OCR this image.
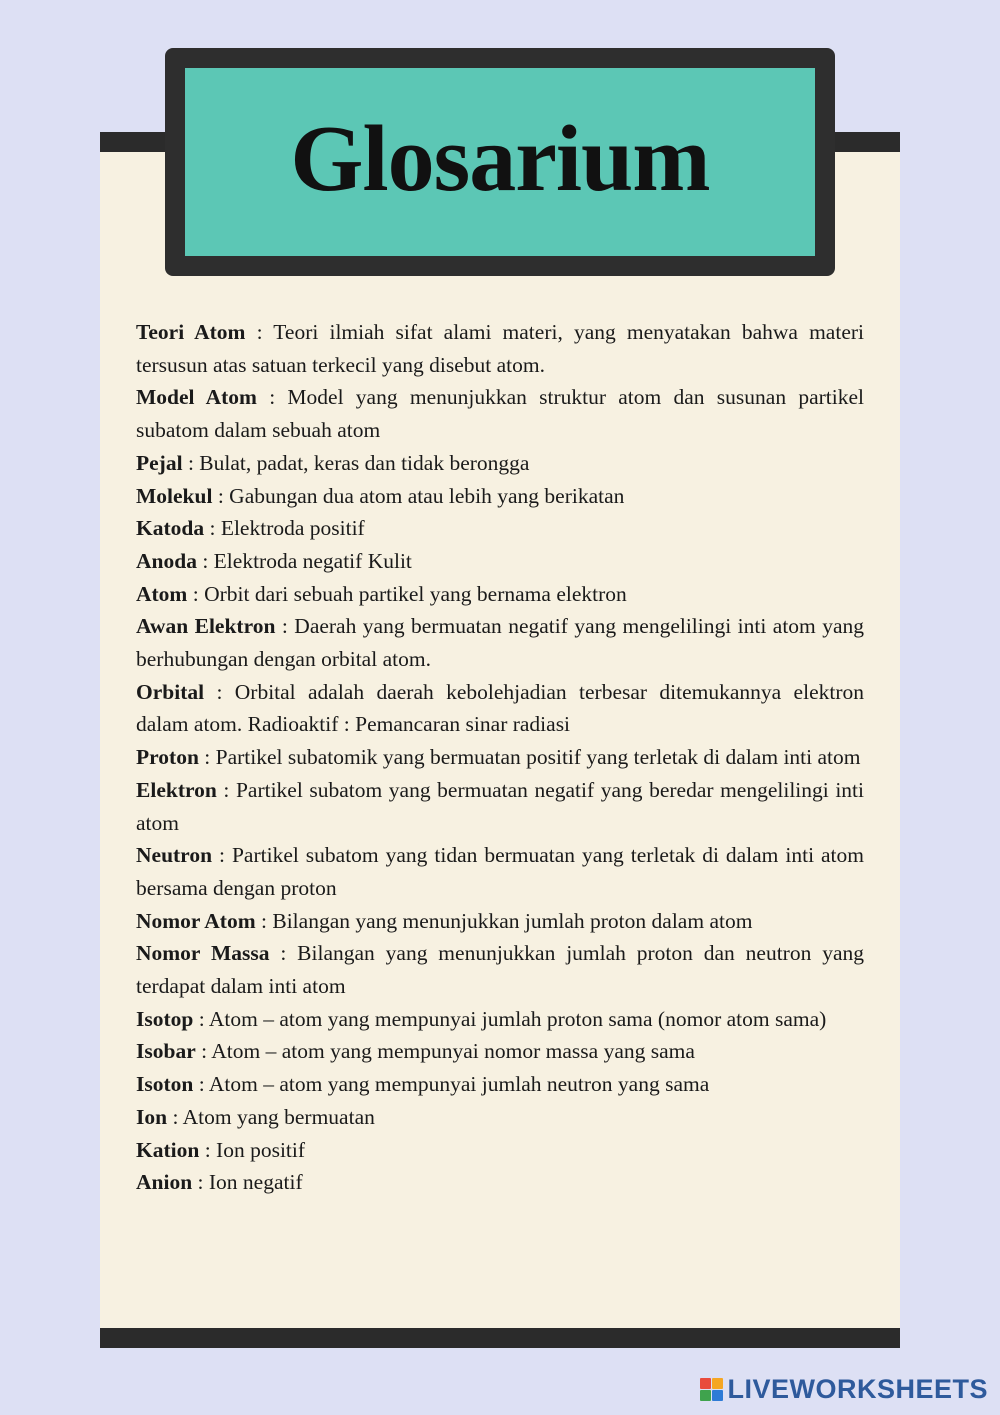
Glosarium
Teori Atom : Teori ilmiah sifat alami materi, yang menyatakan bahwa materi tersusun atas satuan terkecil yang disebut atom.
Model Atom : Model yang menunjukkan struktur atom dan susunan partikel subatom dalam sebuah atom
Pejal : Bulat, padat, keras dan tidak berongga
Molekul : Gabungan dua atom atau lebih yang berikatan
Katoda : Elektroda positif
Anoda : Elektroda negatif Kulit
Atom : Orbit dari sebuah partikel yang bernama elektron
Awan Elektron : Daerah yang bermuatan negatif yang mengelilingi inti atom yang berhubungan dengan orbital atom.
Orbital : Orbital adalah daerah kebolehjadian terbesar ditemukannya elektron dalam atom. Radioaktif : Pemancaran sinar radiasi
Proton : Partikel subatomik yang bermuatan positif yang terletak di dalam inti atom
Elektron : Partikel subatom yang bermuatan negatif yang beredar mengelilingi inti atom
Neutron : Partikel subatom yang tidan bermuatan yang terletak di dalam inti atom bersama dengan proton
Nomor Atom : Bilangan yang menunjukkan jumlah proton dalam atom
Nomor Massa : Bilangan yang menunjukkan jumlah proton dan neutron yang terdapat dalam inti atom
Isotop : Atom – atom yang mempunyai jumlah proton sama (nomor atom sama)
Isobar : Atom – atom yang mempunyai nomor massa yang sama
Isoton : Atom – atom yang mempunyai jumlah neutron yang sama
Ion : Atom yang bermuatan
Kation : Ion positif
Anion : Ion negatif
LIVEWORKSHEETS
